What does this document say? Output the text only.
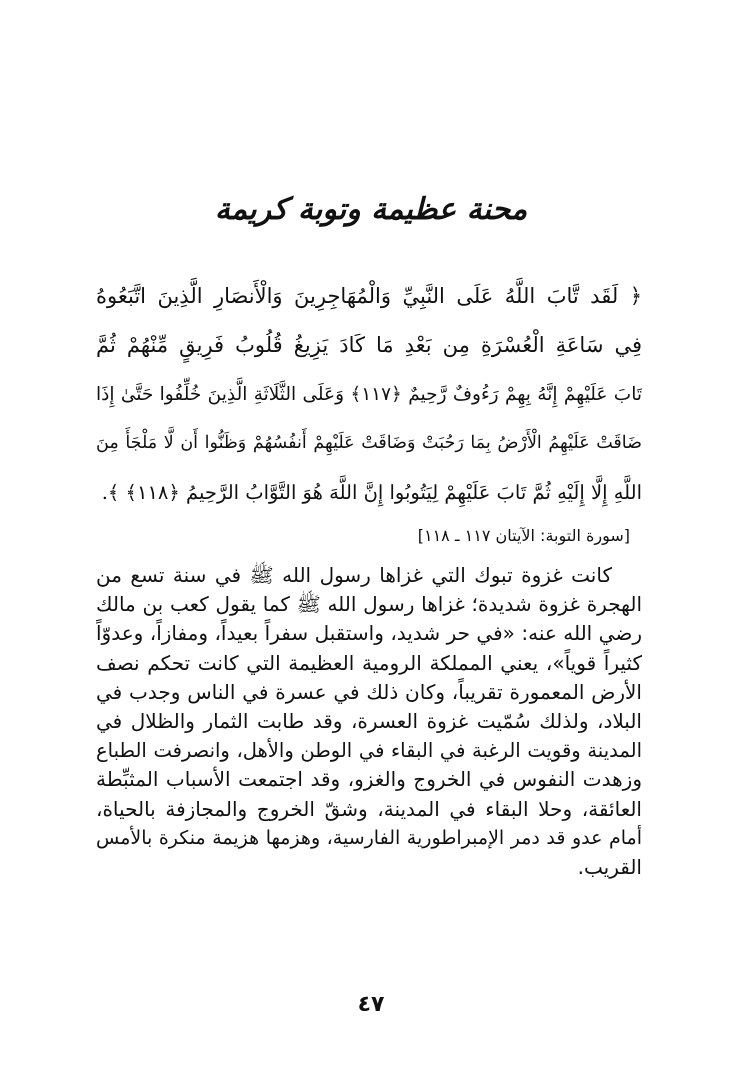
محنة عظيمة وتوبة كريمة
﴿ لَقَد تَّابَ اللَّهُ عَلَى النَّبِيِّ وَالْمُهَاجِرِينَ وَالْأَنصَارِ الَّذِينَ اتَّبَعُوهُ
فِي سَاعَةِ الْعُسْرَةِ مِن بَعْدِ مَا كَادَ يَزِيغُ قُلُوبُ فَرِيقٍ مِّنْهُمْ ثُمَّ
تَابَ عَلَيْهِمْ إِنَّهُ بِهِمْ رَءُوفٌ رَّحِيمٌ ﴿١١٧﴾ وَعَلَى الثَّلَاثَةِ الَّذِينَ خُلِّفُوا حَتَّىٰ إِذَا
ضَاقَتْ عَلَيْهِمُ الْأَرْضُ بِمَا رَحُبَتْ وَضَاقَتْ عَلَيْهِمْ أَنفُسُهُمْ وَظَنُّوا أَن لَّا مَلْجَأَ مِنَ
اللَّهِ إِلَّا إِلَيْهِ ثُمَّ تَابَ عَلَيْهِمْ لِيَتُوبُوا إِنَّ اللَّهَ هُوَ التَّوَّابُ الرَّحِيمُ ﴿١١٨﴾ ﴾.
[سورة التوبة: الآيتان ١١٧ ـ ١١٨]
كانت غزوة تبوك التي غزاها رسول الله ﷺ في سنة تسع من
الهجرة غزوة شديدة؛ غزاها رسول الله ﷺ كما يقول كعب بن مالك
رضي الله عنه: «في حر شديد، واستقبل سفراً بعيداً، ومفازاً، وعدوّاً
كثيراً قوياً»، يعني المملكة الرومية العظيمة التي كانت تحكم نصف
الأرض المعمورة تقريباً، وكان ذلك في عسرة في الناس وجدب في
البلاد، ولذلك سُمّيت غزوة العسرة، وقد طابت الثمار والظلال في
المدينة وقويت الرغبة في البقاء في الوطن والأهل، وانصرفت الطباع
وزهدت النفوس في الخروج والغزو، وقد اجتمعت الأسباب المثبِّطة
العائقة، وحلا البقاء في المدينة، وشقّ الخروج والمجازفة بالحياة،
أمام عدو قد دمر الإمبراطورية الفارسية، وهزمها هزيمة منكرة بالأمس
القريب.
٤٧
